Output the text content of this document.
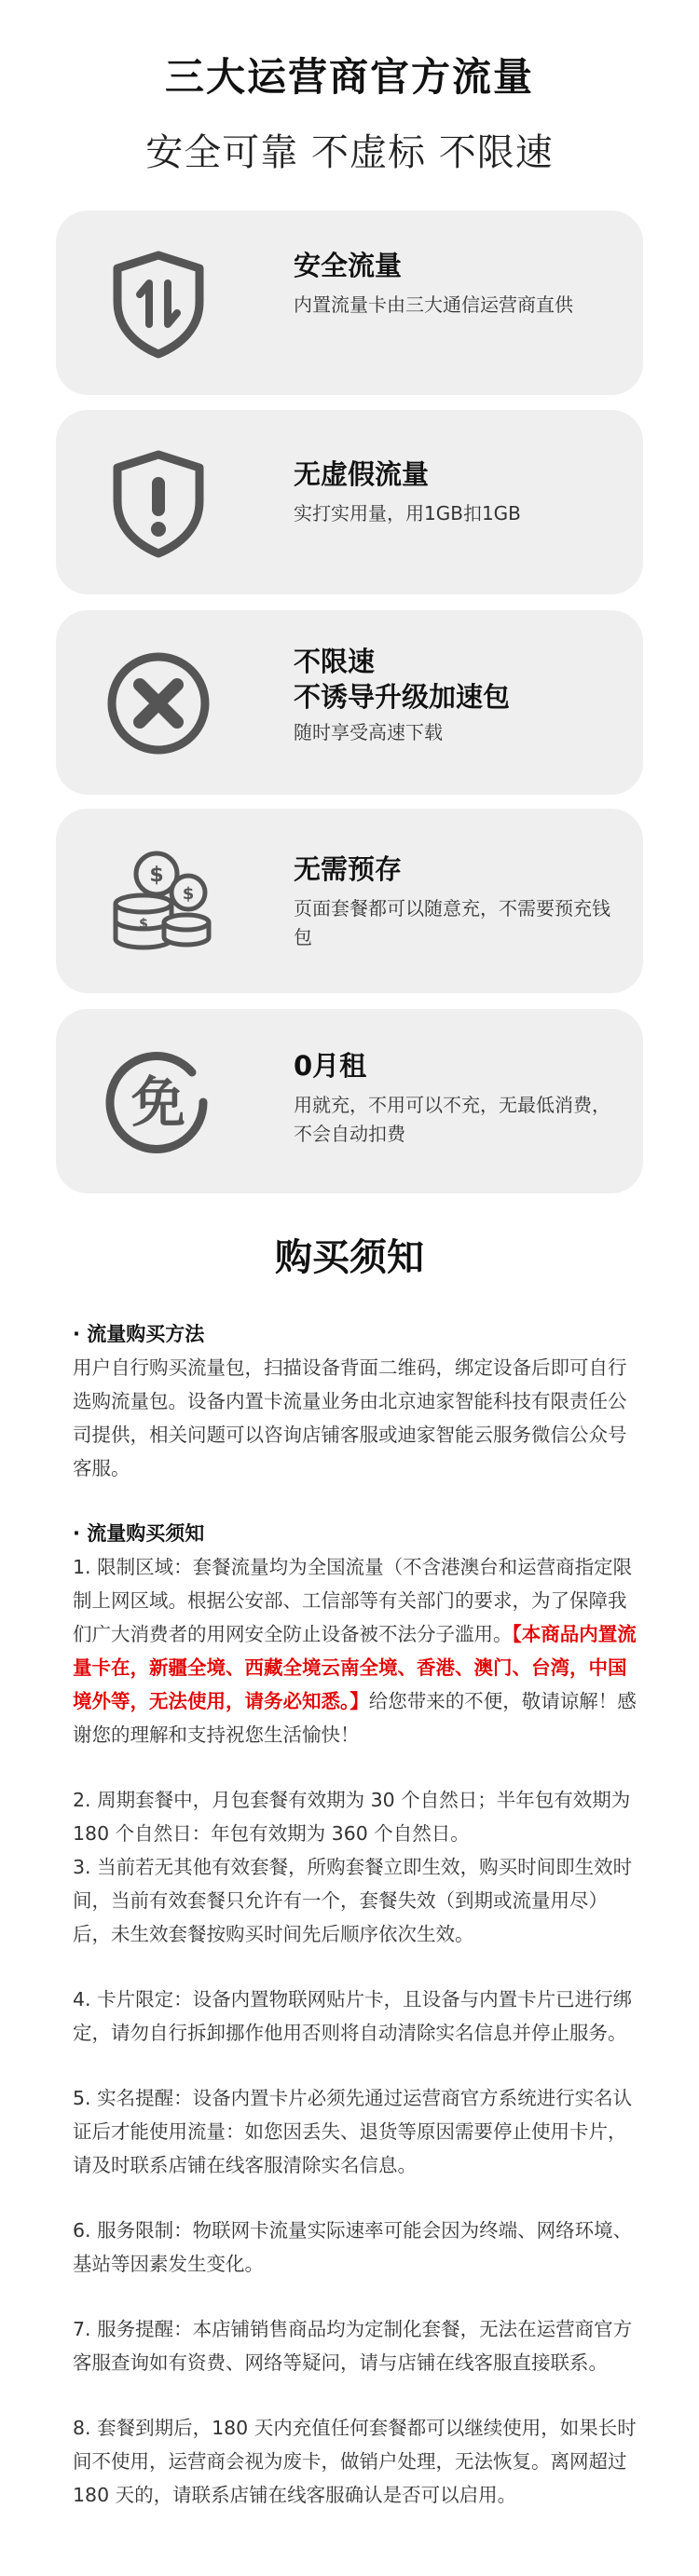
三大运营商官方流量
安全可靠 不虚标 不限速
安全流量
内置流量卡由三大通信运营商直供
无虚假流量
实打实用量，用1GB扣1GB
不限速
不诱导升级加速包
随时享受高速下载
$
$
$
无需预存
页面套餐都可以随意充，不需要预充钱包
免
0月租
用就充，不用可以不充，无最低消费，不会自动扣费
购买须知
· 流量购买方法

用户自行购买流量包，扫描设备背面二维码，绑定设备后即可自行选购流量包。设备内置卡流量业务由北京迪家智能科技有限责任公司提供，相关问题可以咨询店铺客服或迪家智能云服务微信公众号客服。

· 流量购买须知

1. 限制区域：套餐流量均为全国流量（不含港澳台和运营商指定限制上网区域。根据公安部、工信部等有关部门的要求，为了保障我们广大消费者的用网安全防止设备被不法分子滥用。【本商品内置流量卡在，新疆全境、西藏全境云南全境、香港、澳门、台湾，中国境外等，无法使用，请务必知悉。】给您带来的不便，敬请谅解！感谢您的理解和支持祝您生活愉快！

2. 周期套餐中，月包套餐有效期为 30 个自然日；半年包有效期为 180 个自然日：年包有效期为 360 个自然日。

3. 当前若无其他有效套餐，所购套餐立即生效，购买时间即生效时间，当前有效套餐只允许有一个，套餐失效（到期或流量用尽）后，未生效套餐按购买时间先后顺序依次生效。

4. 卡片限定：设备内置物联网贴片卡，且设备与内置卡片已进行绑定，请勿自行拆卸挪作他用否则将自动清除实名信息并停止服务。

5. 实名提醒：设备内置卡片必须先通过运营商官方系统进行实名认证后才能使用流量：如您因丢失、退货等原因需要停止使用卡片，请及时联系店铺在线客服清除实名信息。

6. 服务限制：物联网卡流量实际速率可能会因为终端、网络环境、基站等因素发生变化。

7. 服务提醒：本店铺销售商品均为定制化套餐，无法在运营商官方客服查询如有资费、网络等疑问，请与店铺在线客服直接联系。

8. 套餐到期后，180 天内充值任何套餐都可以继续使用，如果长时间不使用，运营商会视为废卡，做销户处理，无法恢复。离网超过 180 天的，请联系店铺在线客服确认是否可以启用。
